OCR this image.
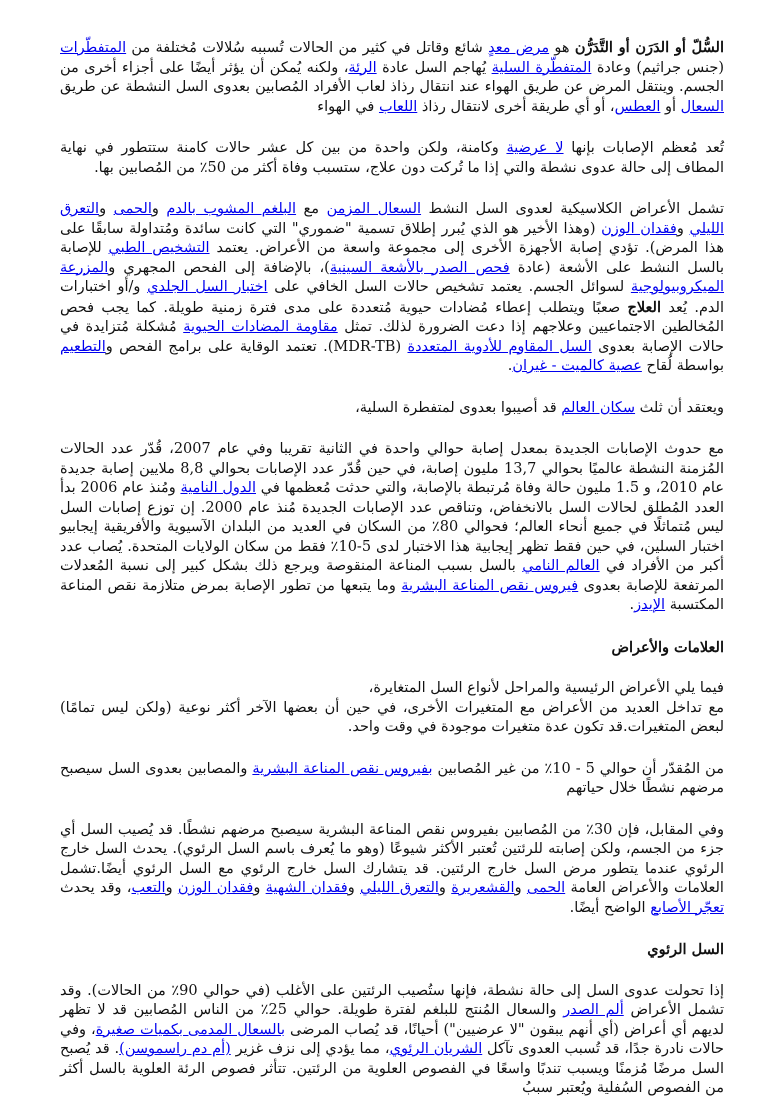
السُّلّ أو الدَرَن أو التَّدَرُّن هو مرض معدٍ شائع وقاتل في كثير من الحالات تُسببه سُلالات مُختلفة من المتفطّرات (جنس جراثيم) وعادة المتفطّرة السلية يُهاجم السل عادة الرئة، ولكنه يُمكن أن يؤثر أيضًا على أجزاء أخرى من الجسم. وينتقل المرض عن طريق الهواء عند انتقال رذاذ لعاب الأفراد المُصابين بعدوى السل النشطة عن طريق السعال أو العطس، أو أي طريقة أخرى لانتقال رذاذ اللعاب في الهواء

تُعد مُعظم الإصابات بإنها لا عرضية وكامنة، ولكن واحدة من بين كل عشر حالات كامنة ستتطور في نهاية المطاف إلى حالة عدوى نشطة والتي إذا ما تُركت دون علاج، ستسبب وفاة أكثر من 50٪ من المُصابين بها.

تشمل الأعراض الكلاسيكية لعدوى السل النشط السعال المزمن مع البلغم المشوب بالدم والحمى والتعرق الليلي وفقدان الوزن (وهذا الأخير هو الذي يُبرر إطلاق تسمية "ضموري" التي كانت سائدة ومُتداولة سابقًا على هذا المرض). تؤدي إصابة الأجهزة الأخرى إلى مجموعة واسعة من الأعراض. يعتمد التشخيص الطبي للإصابة بالسل النشط على الأشعة (عادة فحص الصدر بالأشعة السينية)، بالإضافة إلى الفحص المجهري والمزرعة الميكروبيولوجية لسوائل الجسم. يعتمد تشخيص حالات السل الخافي على اختبار السل الجلدي و/أو اختبارات الدم. يُعد العلاج صعبًا ويتطلب إعطاء مُضادات حيوية مُتعددة على مدى فترة زمنية طويلة. كما يجب فحص المُخالطين الاجتماعيين وعلاجهم إذا دعت الضرورة لذلك. تمثل مقاومة المضادات الحيوية مُشكلة مُتزايدة في حالات الإصابة بعدوى السل المقاوم للأدوية المتعددة (MDR-TB). تعتمد الوقاية على برامج الفحص والتطعيم بواسطة لُقاح عصية كالميت - غيران.

ويعتقد أن ثلث سكان العالم قد أصيبوا بعدوى لمتفطرة السلية،

مع حدوث الإصابات الجديدة بمعدل إصابة حوالي واحدة في الثانية تقريبا وفي عام 2007، قُدّر عدد الحالات المُزمنة النشطة عالميًا بحوالي 13,7 مليون إصابة، في حين قُدّر عدد الإصابات بحوالي 8,8 ملايين إصابة جديدة عام 2010، و 1.5 مليون حالة وفاة مُرتبطة بالإصابة، والتي حدثت مُعظمها في الدول النامية ومُنذ عام 2006 بدأ العدد المُطلق لحالات السل بالانخفاض، وتناقص عدد الإصابات الجديدة مُنذ عام 2000. إن توزع إصابات السل ليس مُتماثلًا في جميع أنحاء العالم؛ فحوالي 80٪ من السكان في العديد من البلدان الآسيوية والأفريقية إيجابيو اختبار السلين، في حين فقط تظهر إيجابية هذا الاختبار لدى 5-10٪ فقط من سكان الولايات المتحدة. يُصاب عدد أكبر من الأفراد في العالم النامي بالسل بسبب المناعة المنقوصة ويرجع ذلك بشكل كبير إلى نسبة المُعدلات المرتفعة للإصابة بعدوى فيروس نقص المناعة البشرية وما يتبعها من تطور الإصابة بمرض متلازمة نقص المناعة المكتسبة الإيدز.

العلامات والأعراض

فيما يلي الأعراض الرئيسية والمراحل لأنواع السل المتغايرة،
مع تداخل العديد من الأعراض مع المتغيرات الأخرى، في حين أن بعضها الآخر أكثر نوعية (ولكن ليس تمامًا) لبعض المتغيرات.قد تكون عدة متغيرات موجودة في وقت واحد.

من المُقدّر أن حوالي 5 - 10٪ من غير المُصابين بفيروس نقص المناعة البشرية والمصابين بعدوى السل سيصبح مرضهم نشطًا خلال حياتهم

وفي المقابل، فإن 30٪ من المُصابين بفيروس نقص المناعة البشرية سيصبح مرضهم نشطًا. قد يُصيب السل أي جزء من الجسم، ولكن إصابته للرئتين تُعتبر الأكثر شيوعًا (وهو ما يُعرف باسم السل الرئوي). يحدث السل خارج الرئوي عندما يتطور مرض السل خارج الرئتين. قد يتشارك السل خارج الرئوي مع السل الرئوي أيضًا.تشمل العلامات والأعراض العامة الحمى والقشعريرة والتعرق الليلي وفقدان الشهية وفقدان الوزن والتعب، وقد يحدث تعجّر الأصابع الواضح أيضًا.

السل الرئوي

إذا تحولت عدوى السل إلى حالة نشطة، فإنها ستُصيب الرئتين على الأغلب (في حوالي 90٪ من الحالات). وقد تشمل الأعراض ألم الصدر والسعال المُنتج للبلغم لفترة طويلة. حوالي 25٪ من الناس المُصابين قد لا تظهر لديهم أي أعراض (أي أنهم يبقون "لا عرضيين") أحيانًا، قد يُصاب المرضى بالسعال المدمى بكميات صغيرة، وفي حالات نادرة جدًا، قد تُسبب العدوى تآكل الشريان الرئوي، مما يؤدي إلى نزف غزير (أم دم راسموسن). قد يُصبح السل مرضًا مُزمنًا ويسبب تندبًا واسعًا في الفصوص العلوية من الرئتين. تتأثر فصوص الرئة العلوية بالسل أكثر من الفصوص السُفلية ويُعتبر سببُ
